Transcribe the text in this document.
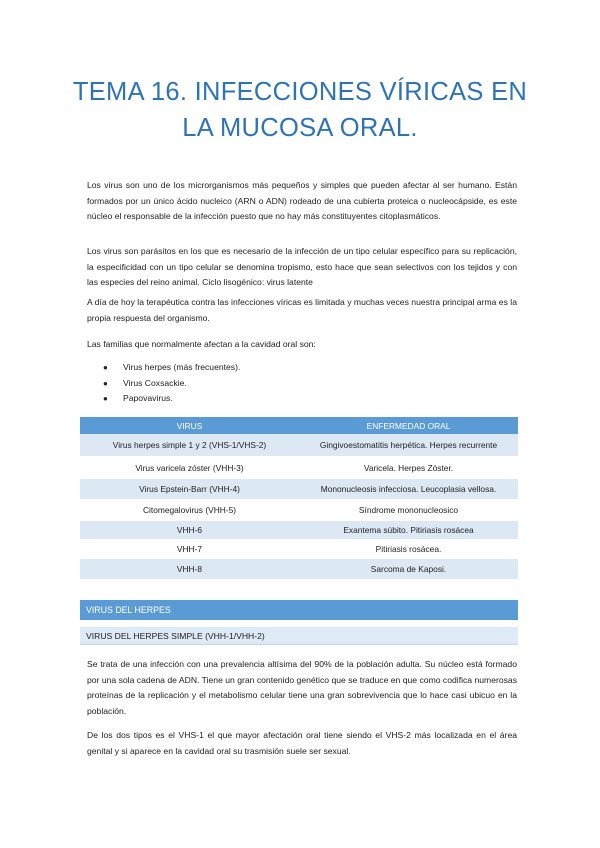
TEMA 16. INFECCIONES VÍRICAS EN
LA MUCOSA ORAL.
Los virus son uno de los microrganismos más pequeños y simples que pueden afectar al ser humano. Están formados por un único ácido nucleico (ARN o ADN) rodeado de una cubierta proteica o nucleocápside, es este núcleo el responsable de la infección puesto que no hay más constituyentes citoplasmáticos.
Los virus son parásitos en los que es necesario de la infección de un tipo celular específico para su replicación, la especificidad con un tipo celular se denomina tropismo, esto hace que sean selectivos con los tejidos y con las especies del reino animal. Ciclo lisogénico: virus latente
A día de hoy la terapéutica contra las infecciones víricas es limitada y muchas veces nuestra principal arma es la propia respuesta del organismo.
Las familias que normalmente afectan a la cavidad oral son:
● Virus herpes (más frecuentes).
● Virus Coxsackie.
● Papovavirus.
VIRUS	ENFERMEDAD ORAL
Virus herpes simple 1 y 2 (VHS-1/VHS-2)	Gingivoestomatitis herpética. Herpes recurrente
Virus varicela zóster (VHH-3)	Varicela. Herpes Zóster.
Virus Epstein-Barr (VHH-4)	Mononucleosis infecciosa. Leucoplasia vellosa.
Citomegalovirus (VHH-5)	Síndrome mononucleosico
VHH-6	Exantema súbito. Pitiriasis rosácea
VHH-7	Pitiriasis rosácea.
VHH-8	Sarcoma de Kaposi.
VIRUS DEL HERPES
VIRUS DEL HERPES SIMPLE (VHH-1/VHH-2)
Se trata de una infección con una prevalencia altísima del 90% de la población adulta. Su núcleo está formado por una sola cadena de ADN. Tiene un gran contenido genético que se traduce en que como codifica numerosas proteínas de la replicación y el metabolismo celular tiene una gran sobrevivencia que lo hace casi ubicuo en la población.
De los dos tipos es el VHS-1 el que mayor afectación oral tiene siendo el VHS-2 más localizada en el área genital y si aparece en la cavidad oral su trasmisión suele ser sexual.
